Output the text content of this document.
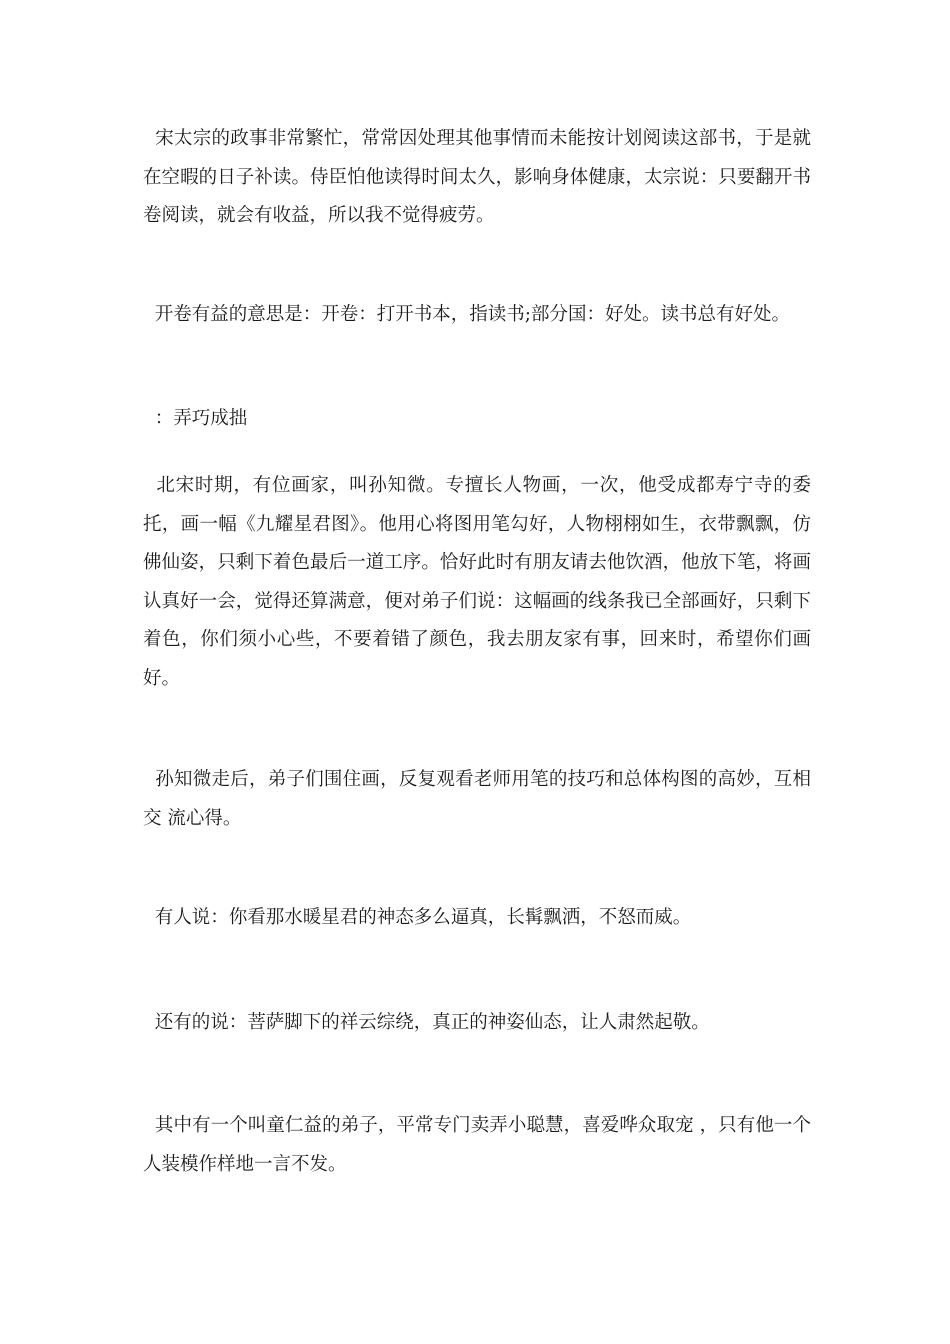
宋太宗的政事非常繁忙，常常因处理其他事情而未能按计划阅读这部书，于是就在空暇的日子补读。侍臣怕他读得时间太久，影响身体健康，太宗说：只要翻开书卷阅读，就会有收益，所以我不觉得疲劳。

开卷有益的意思是：开卷：打开书本，指读书;部分国：好处。读书总有好处。

：弄巧成拙

北宋时期，有位画家，叫孙知微。专擅长人物画，一次，他受成都寿宁寺的委托，画一幅《九耀星君图》。他用心将图用笔勾好，人物栩栩如生，衣带飘飘，仿佛仙姿，只剩下着色最后一道工序。恰好此时有朋友请去他饮酒，他放下笔，将画认真好一会，觉得还算满意，便对弟子们说：这幅画的线条我已全部画好，只剩下着色，你们须小心些，不要着错了颜色，我去朋友家有事，回来时，希望你们画好。

孙知微走后，弟子们围住画，反复观看老师用笔的技巧和总体构图的高妙，互相交 流心得。

有人说：你看那水暖星君的神态多么逼真，长髯飘洒，不怒而威。

还有的说：菩萨脚下的祥云综绕，真正的神姿仙态，让人肃然起敬。

其中有一个叫童仁益的弟子，平常专门卖弄小聪慧，喜爱哗众取宠 ，只有他一个人装模作样地一言不发。
